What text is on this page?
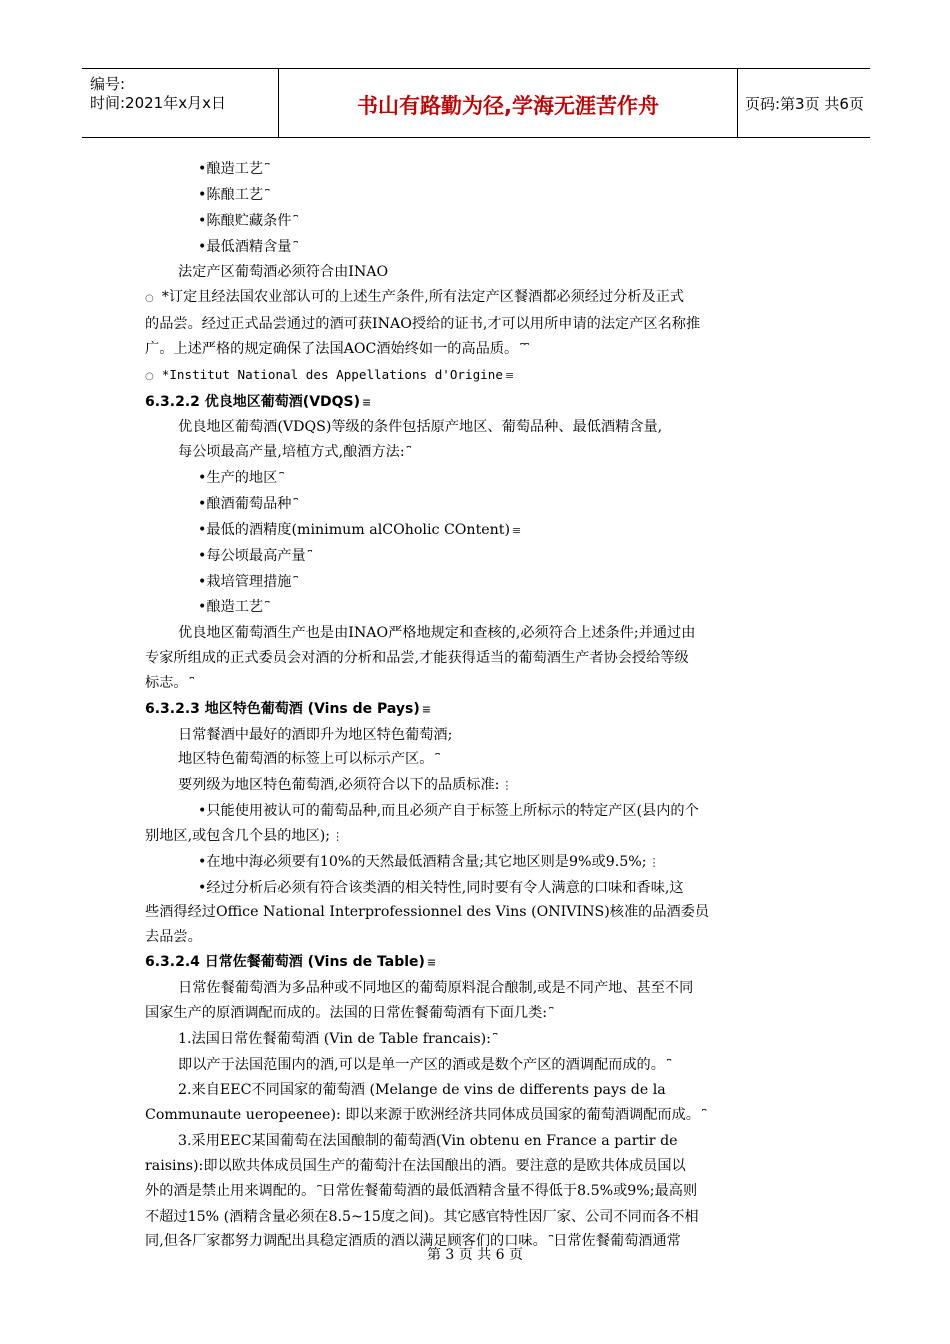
编号:
时间:2021年x月x日	书山有路勤为径,学海无涯苦作舟	页码:第3页 共6页
•酿造工艺 ⎴
•陈酿工艺 ⎴
•陈酿贮藏条件 ⎴
•最低酒精含量 ⎴
法定产区葡萄酒必须符合由INAO
○ *订定且经法国农业部认可的上述生产条件,所有法定产区餐酒都必须经过分析及正式
的品尝。经过正式品尝通过的酒可获INAO授给的证书,才可以用所申请的法定产区名称推
广。上述严格的规定确保了法国AOC酒始终如一的高品质。 ⎴⎴
○ *Institut National des Appellations d'Origine ≡
6.3.2.2 优良地区葡萄酒(VDQS) ≡
优良地区葡萄酒(VDQS)等级的条件包括原产地区、葡萄品种、最低酒精含量,
每公顷最高产量,培植方式,酿酒方法: ⎴
•生产的地区 ⎴
•酿酒葡萄品种 ⎴
•最低的酒精度(minimum alCOholic COntent) ≡
•每公顷最高产量 ⎴
•栽培管理措施 ⎴
•酿造工艺 ⎴
优良地区葡萄酒生产也是由INAO严格地规定和查核的,必须符合上述条件;并通过由
专家所组成的正式委员会对酒的分析和品尝,才能获得适当的葡萄酒生产者协会授给等级
标志。 ⎴
6.3.2.3 地区特色葡萄酒 (Vins de Pays) ≡
日常餐酒中最好的酒即升为地区特色葡萄酒;
地区特色葡萄酒的标签上可以标示产区。 ⎴
要列级为地区特色葡萄酒,必须符合以下的品质标准: ⋮
•只能使用被认可的葡萄品种,而且必须产自于标签上所标示的特定产区(县内的个
别地区,或包含几个县的地区); ⋮
•在地中海必须要有10%的天然最低酒精含量;其它地区则是9%或9.5%; ⋮
•经过分析后必须有符合该类酒的相关特性,同时要有令人满意的口味和香味,这
些酒得经过Office National Interprofessionnel des Vins (ONIVINS)核准的品酒委员
去品尝。
6.3.2.4 日常佐餐葡萄酒 (Vins de Table) ≡
日常佐餐葡萄酒为多品种或不同地区的葡萄原料混合酿制,或是不同产地、甚至不同
国家生产的原酒调配而成的。法国的日常佐餐葡萄酒有下面几类: ⎴
1.法国日常佐餐葡萄酒 (Vin de Table francais): ⎴
即以产于法国范围内的酒,可以是单一产区的酒或是数个产区的酒调配而成的。 ⎴
2.来自EEC不同国家的葡萄酒 (Melange de vins de differents pays de la
Communaute ueropeenee): 即以来源于欧洲经济共同体成员国家的葡萄酒调配而成。 ⎴
3.采用EEC某国葡萄在法国酿制的葡萄酒(Vin obtenu en France a partir de
raisins):即以欧共体成员国生产的葡萄汁在法国酿出的酒。要注意的是欧共体成员国以
外的酒是禁止用来调配的。 ⎴日常佐餐葡萄酒的最低酒精含量不得低于8.5%或9%;最高则
不超过15% (酒精含量必须在8.5~15度之间)。其它感官特性因厂家、公司不同而各不相
同,但各厂家都努力调配出具稳定酒质的酒以满足顾客们的口味。 ⎴日常佐餐葡萄酒通常
第 3 页 共 6 页
